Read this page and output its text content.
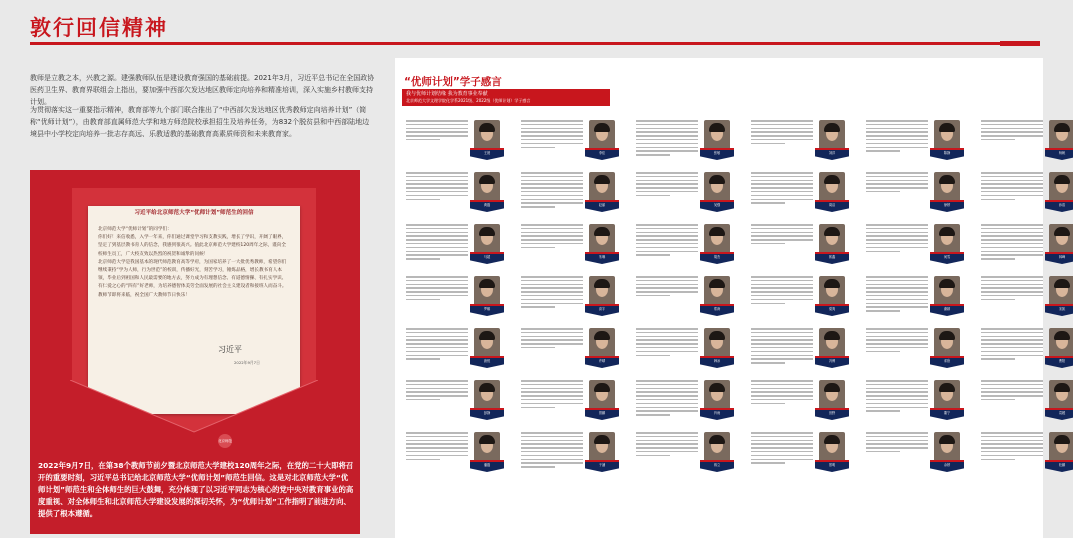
敦行回信精神
教师是立教之本，兴教之源。建强教师队伍是建设教育强国的基础前提。2021年3月，习近平总书记在全国政协医药卫生界、教育界联组会上指出，要加强中西部欠发达地区教师定向培养和精准培训，深入实施乡村教师支持计划。
为贯彻落实这一重要指示精神，教育部等九个部门联合推出了“中西部欠发达地区优秀教师定向培养计划”（简称“优师计划”），由教育部直属师范大学和地方师范院校承担招生及培养任务，为832个脱贫县和中西部陆地边境县中小学校定向培养一批志存高远、乐教适教的基础教育高素质师资和未来教育家。
习近平给北京师范大学“优师计划”师范生的回信
北京师范大学“优师计划”的同学们：
你们好！来信收悉，入学一年来，你们通过课堂学习和支教实践，增长了学识，开阔了眼界，坚定了到基层教书育人的信念，我感到很高兴。值此北京师范大学建校120周年之际，谨向全校师生员工，广大校友致以热烈的祝贺和诚挚的问候！
北京师范大学是我国基本的现代师范教育高等学府，为国家培养了一大批优秀教师，希望你们继续秉持“学为人师，行为世范”的校训，传播好光，刻苦学习，锤炼品格，增长教书育人本领，毕业后到祖国和人民最需要的地方去，努力成为有理想信念、有道德情操、有扎实学识、有仁爱之心的“四有”好老师，为培养德智体美劳全面发展的社会主义建设者和接班人而奋斗。
教师节即将来临，祝全国广大教师节日快乐！
习近平
2022年9月7日
北京师范
2022年9月7日，在第38个教师节前夕暨北京师范大学建校120周年之际，在党的二十大即将召开的重要时刻，习近平总书记给北京师范大学“优师计划”师范生回信。这是对北京师范大学“优师计划”师范生和全体师生的巨大鼓舞，充分体现了以习近平同志为核心的党中央对教育事业的高度重视、对全体师生和北京师范大学建设发展的深切关怀，为“优师计划”工作指明了前进方向、提供了根本遵循。
“优师计划”学子感言
我与优师计划结缘 我为教育事业奉献
北京师范大学文理学院化学系2021级、2022级（优师计划）学子感言
王晨	李佳	张敏	刘洋	陈静	杨帆
黄磊	赵丽	吴强	周洁	徐婷	孙浩
马超	朱琳	胡杰	郭鑫	何雪	林峰
罗娜	高宇	郑涛	梁爽	谢颖	宋凯
唐悦	许晴	韩冰	冯博	邓欣	曹阳
彭静	曾鹏	肖雨	田野	董宁	袁媛
潘磊	于涵	蒋立	蔡明	余婷	杜鹏
